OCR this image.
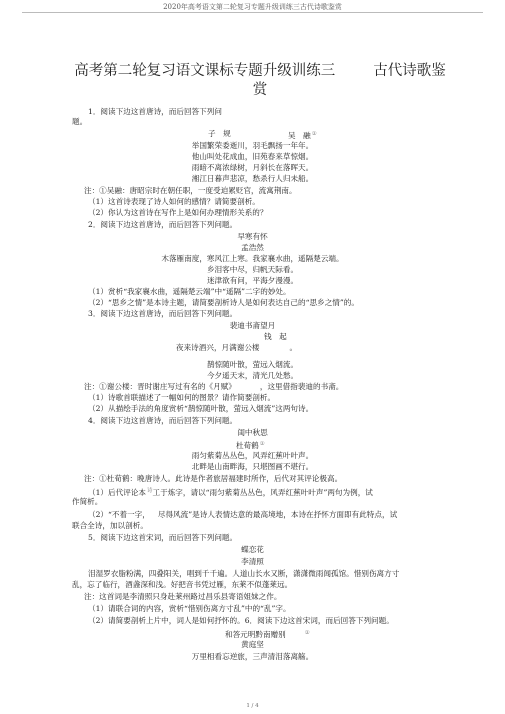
2020年高考语文第二轮复习专题升级训练三古代诗歌鉴赏
高考第二轮复习语文课标专题升级训练三	古代诗歌鉴
赏
1．阅读下边这首唐诗，而后回答下列问
题。
子　规	吴　融①
举国繁荣委逝川，羽毛飘扬一年年。
他山叫处花成血，旧苑春来草惊烟。
雨暗不离浓绿树，月斜长在落晖天。
湘江日暮声悲凉，愁杀行人归未船。
注：①吴融：唐昭宗时在朝任职，一度受迫累贬官，流寓荆南。
（1）这首诗表现了诗人如何的感情？请简要剖析。
（2）你认为这首诗在写作上是如何办理情形关系的？
2．阅读下边这首唐诗，而后回答下列问题。
早寒有怀
孟浩然
木落雁南度，寒风江上寒。我家襄水曲，遥隔楚云端。
乡泪客中尽，归帆天际看。
迷津欲有问，平海夕漫漫。
（1）赏析“我家襄水曲，遥隔楚云端”中“遥隔”二字的妙处。
（2）“思乡之情”是本诗主题，请简要剖析诗人是如何表达自己的“思乡之情”的。
3．阅读下边这首唐诗，而后回答下列问题。
裴迪书斋望月
钱　起
夜来诗酒兴，月满谢公楼	。
鹊惊随叶散，萤远入烟流。
今夕遥天末，清光几处愁。
注：①谢公楼：晋时谢庄写过有名的《月赋》	，这里借指裴迪的书斋。
（1）诗歌首联描述了一幅如何的图景？请作简要剖析。
（2）从描绘手法的角度赏析“鹊惊随叶散，萤远入烟流”这两句诗。
4．阅读下边这首唐诗，而后回答下列问题。
闺中秋思
杜荀鹤①
雨匀紫菊丛丛色，风弄红蕉叶叶声。
北畔是山南畔海，只堪图画不堪行。
注：①杜荀鹤：晚唐诗人。此诗是作者旅居福建时所作，后代对其评论极高。
（1）后代评论本$^诗$工于炼字，请以“雨匀紫菊丛丛色，风弄红蕉叶叶声”两句为例，试
作简析。
（2）“不着一字， 尽得风流”是诗人表情达意的最高境地，本诗在抒怀方面即有此特点，试
联合全诗，加以剖析。
5．阅读下边这首宋词，而后回答下列问题。
蝶恋花
李清照
泪湿罗衣脂粉满，四叠阳关，唱到千千遍。人道山长水又断，潇潇微雨闻孤馆。惜别伤离方寸
乱，忘了临行，酒盏深和浅。好把音书凭过雁，东莱不似蓬莱远。
注：这首词是李清照只身赴莱州路过昌乐县寄语姐妹之作。
（1）请联合词的内容，赏析“惜别伤离方寸乱”中的“乱”字。
（2）请简要剖析上片中，词人是如何抒怀的。6．阅读下边这首宋词，而后回答下列问题。
和答元明黔南赠别	①
黄庭坚
万里相看忘逆旅，三声清泪落离觞。
1 / 4
